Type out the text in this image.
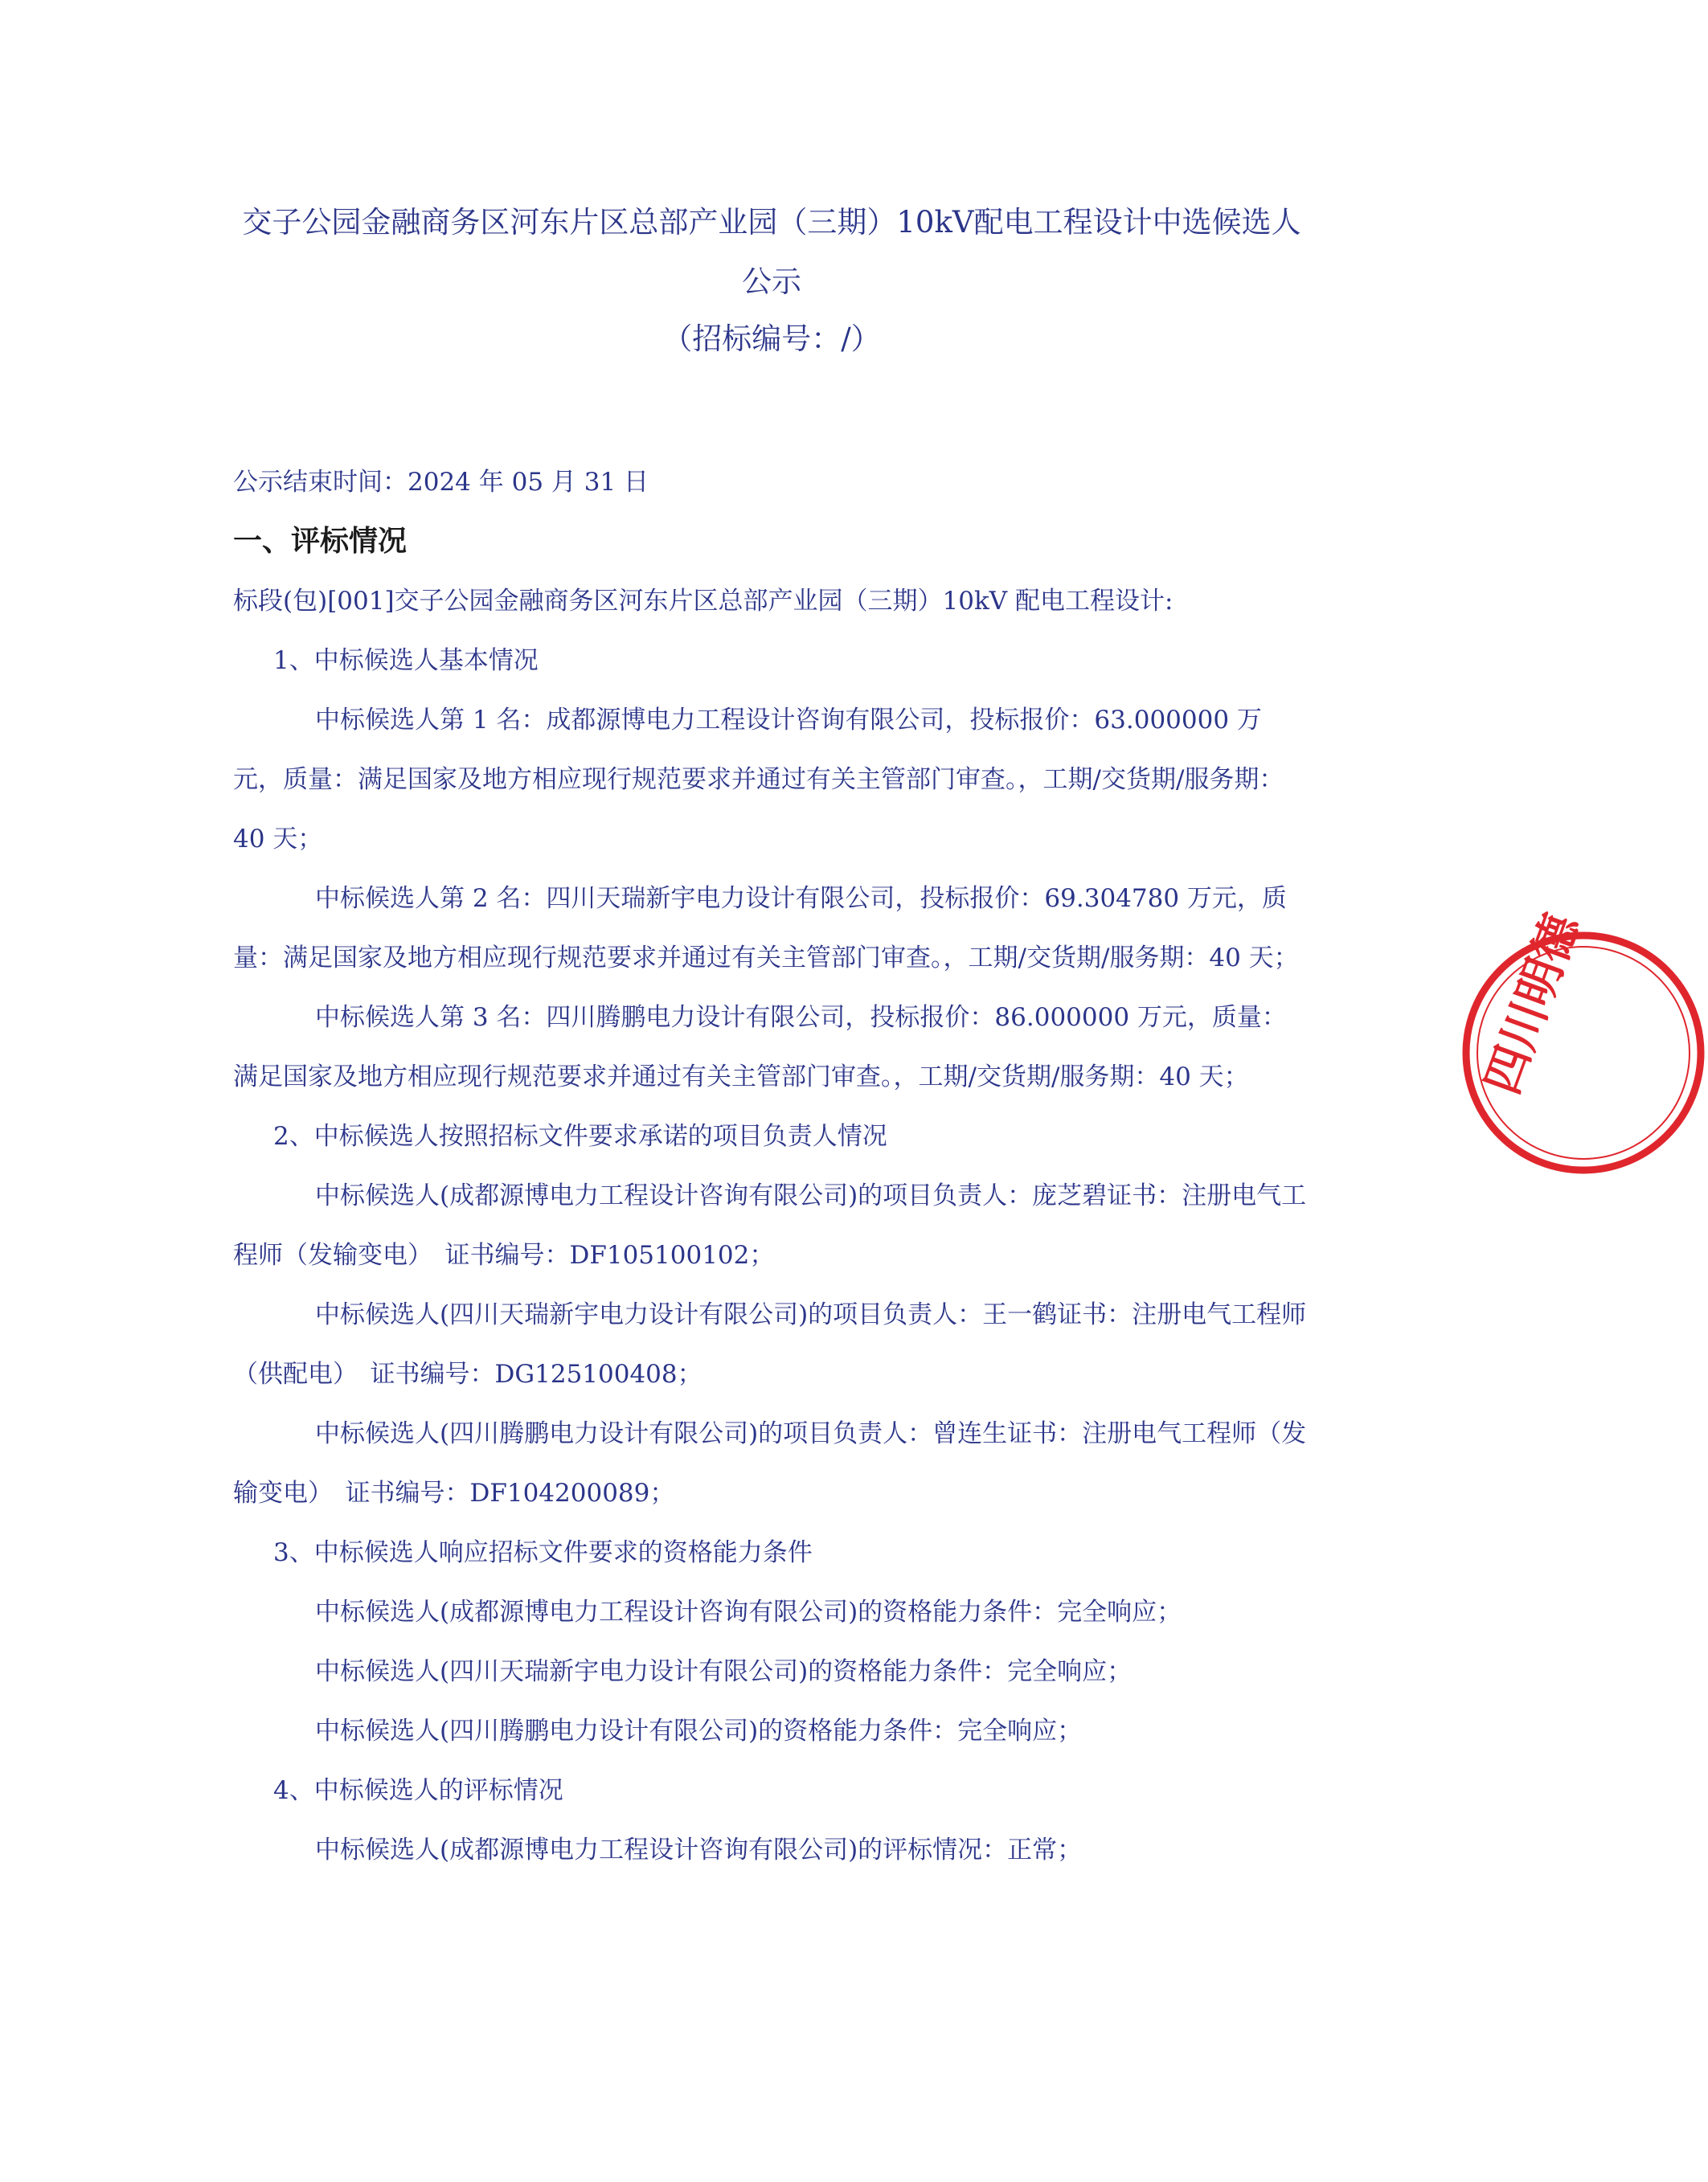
交子公园金融商务区河东片区总部产业园（三期）10kV配电工程设计中选候选人公示
（招标编号：/）

公示结束时间：2024 年 05 月 31 日

一、评标情况

标段(包)[001]交子公园金融商务区河东片区总部产业园（三期）10kV 配电工程设计:

1、中标候选人基本情况

中标候选人第 1 名：成都源博电力工程设计咨询有限公司，投标报价：63.000000 万元，质量：满足国家及地方相应现行规范要求并通过有关主管部门审查。，工期/交货期/服务期：40 天；

中标候选人第 2 名：四川天瑞新宇电力设计有限公司，投标报价：69.304780 万元，质量：满足国家及地方相应现行规范要求并通过有关主管部门审查。，工期/交货期/服务期：40 天；

中标候选人第 3 名：四川腾鹏电力设计有限公司，投标报价：86.000000 万元，质量：满足国家及地方相应现行规范要求并通过有关主管部门审查。，工期/交货期/服务期：40 天；

2、中标候选人按照招标文件要求承诺的项目负责人情况

中标候选人(成都源博电力工程设计咨询有限公司)的项目负责人：庞芝碧证书：注册电气工程师（发输变电）　证书编号：DF105100102；

中标候选人(四川天瑞新宇电力设计有限公司)的项目负责人：王一鹤证书：注册电气工程师（供配电）　证书编号：DG125100408；

中标候选人(四川腾鹏电力设计有限公司)的项目负责人：曾连生证书：注册电气工程师（发输变电）　证书编号：DF104200089；

3、中标候选人响应招标文件要求的资格能力条件

中标候选人(成都源博电力工程设计咨询有限公司)的资格能力条件：完全响应；

中标候选人(四川天瑞新宇电力设计有限公司)的资格能力条件：完全响应；

中标候选人(四川腾鹏电力设计有限公司)的资格能力条件：完全响应；

4、中标候选人的评标情况

中标候选人(成都源博电力工程设计咨询有限公司)的评标情况：正常；

四川明德
